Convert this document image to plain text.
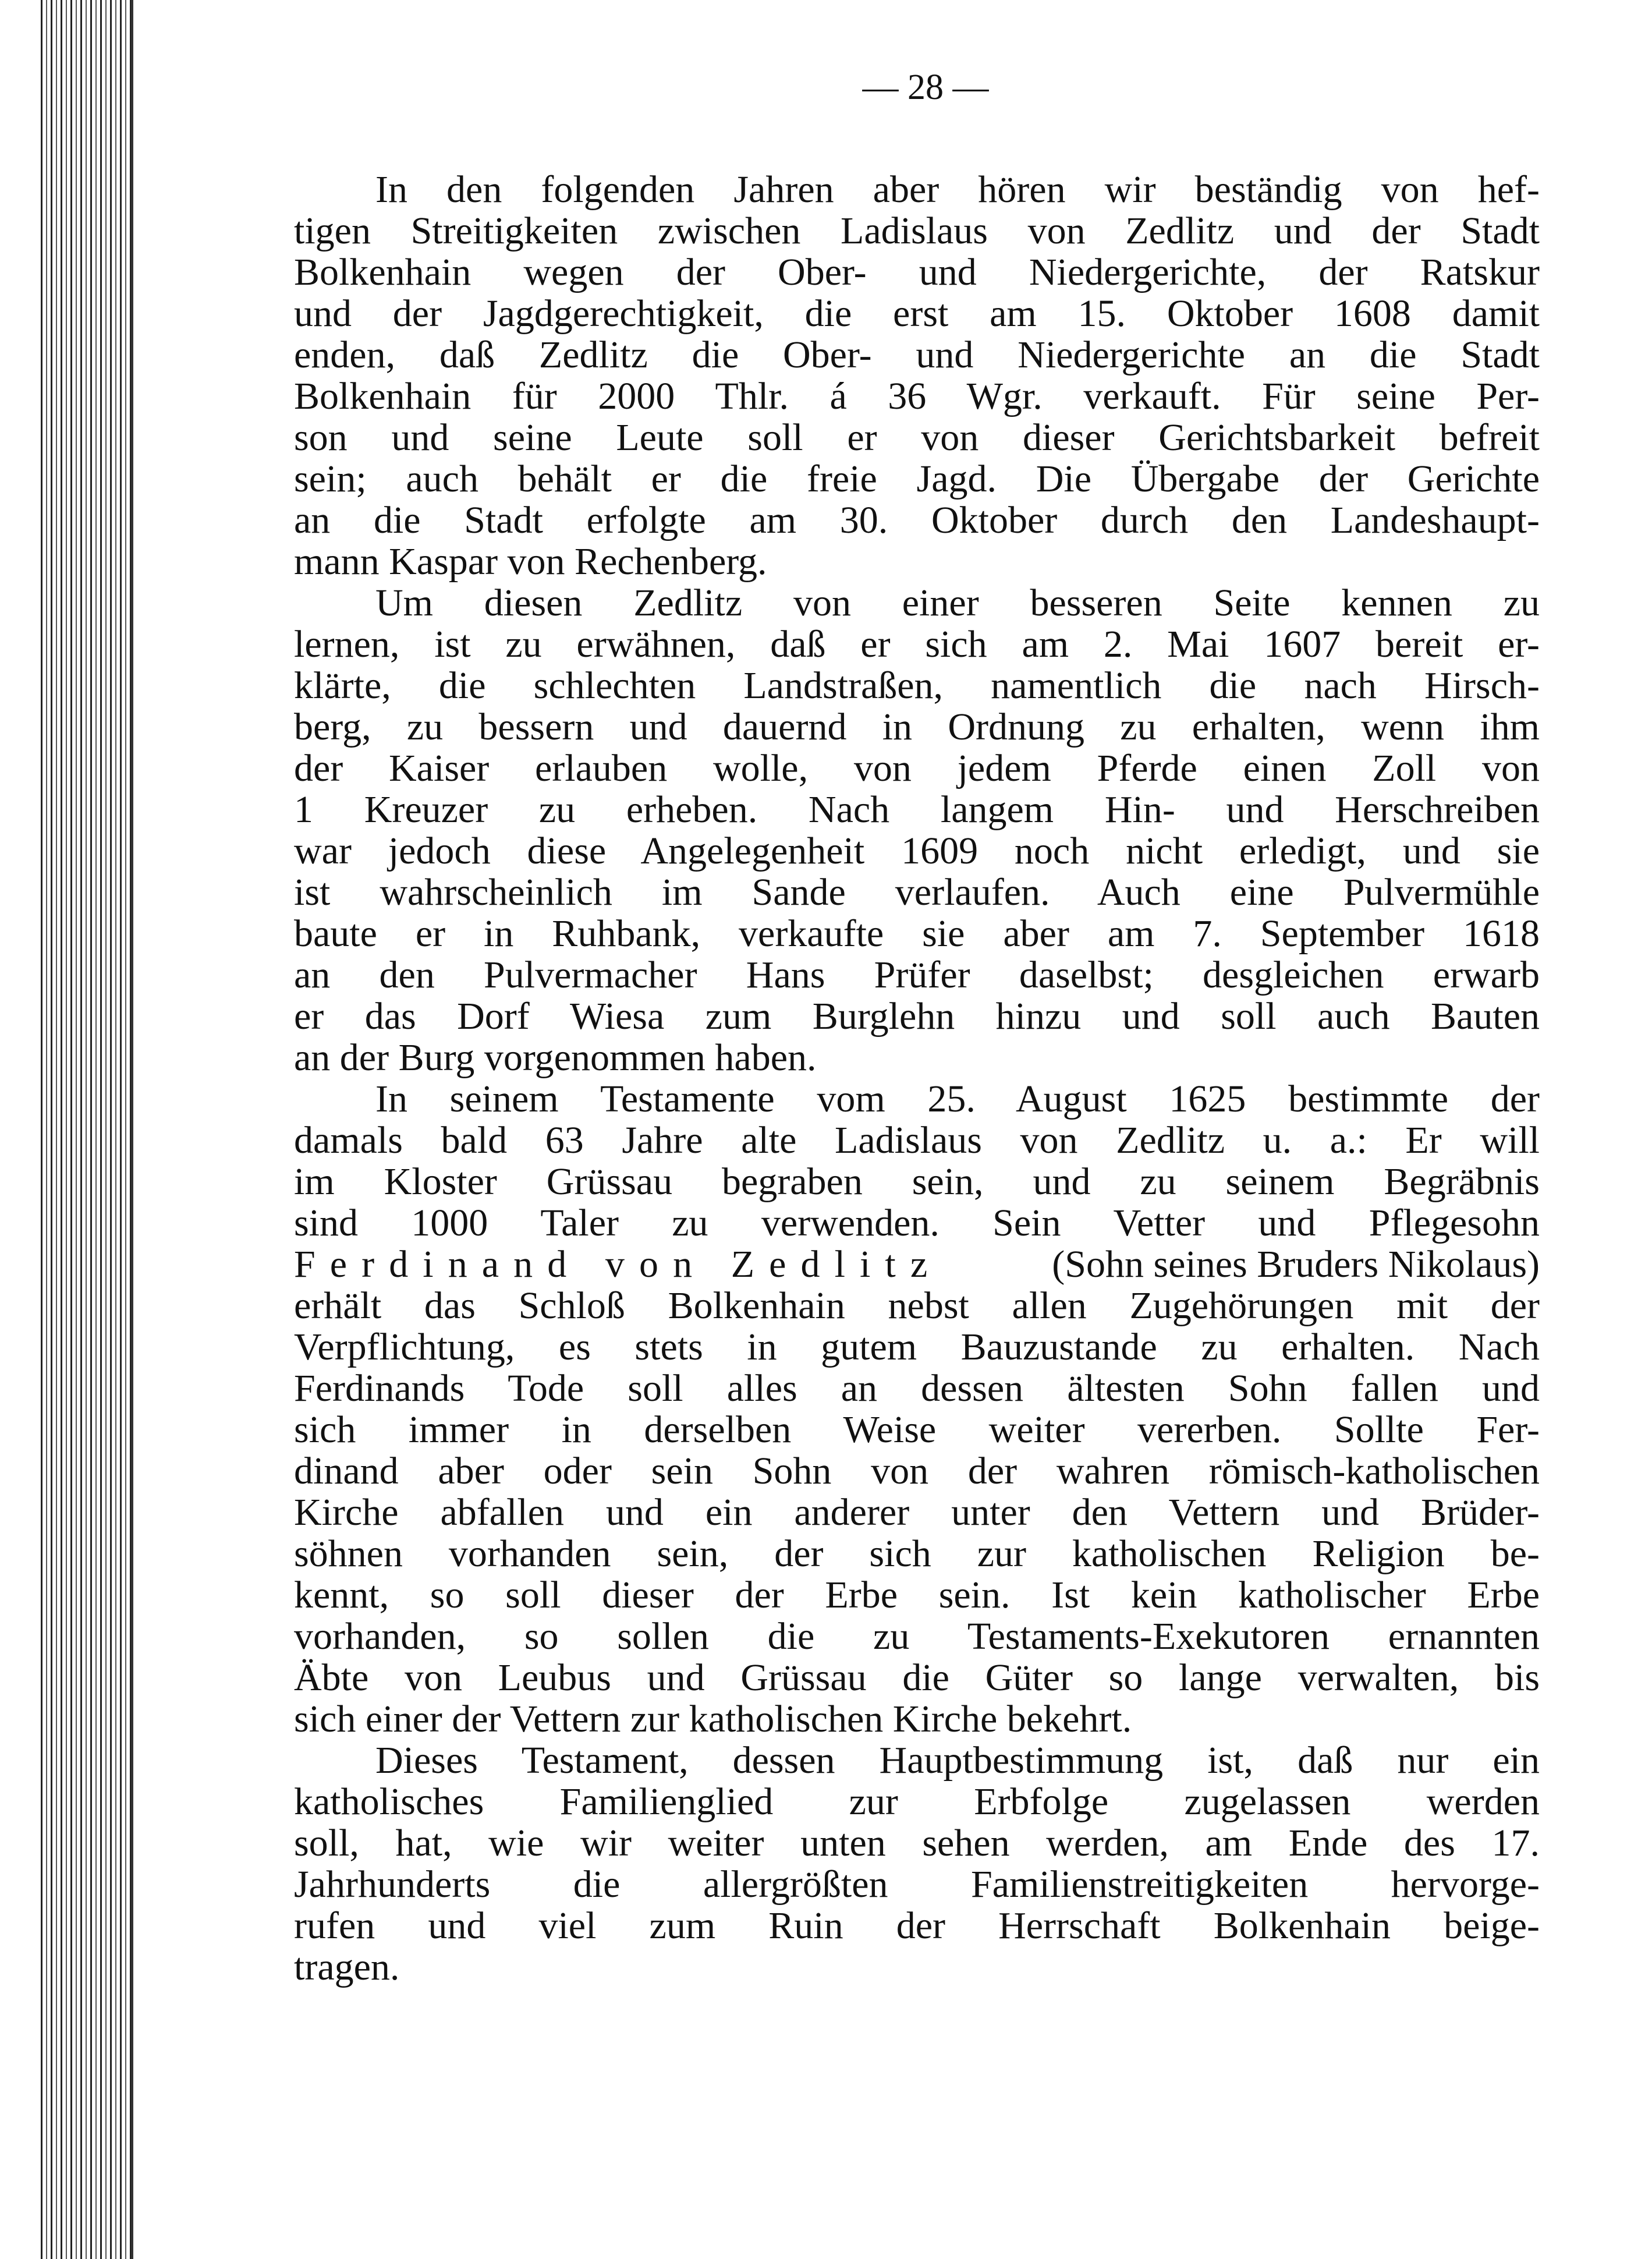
— 28 —
In den folgenden Jahren aber hören wir beständig von hef-
tigen Streitigkeiten zwischen Ladislaus von Zedlitz und der Stadt
Bolkenhain wegen der Ober- und Niedergerichte, der Ratskur
und der Jagdgerechtigkeit, die erst am 15. Oktober 1608 damit
enden, daß Zedlitz die Ober- und Niedergerichte an die Stadt
Bolkenhain für 2000 Thlr. á 36 Wgr. verkauft. Für seine Per-
son und seine Leute soll er von dieser Gerichtsbarkeit befreit
sein; auch behält er die freie Jagd. Die Übergabe der Gerichte
an die Stadt erfolgte am 30. Oktober durch den Landeshaupt-
mann Kaspar von Rechenberg.
Um diesen Zedlitz von einer besseren Seite kennen zu
lernen, ist zu erwähnen, daß er sich am 2. Mai 1607 bereit er-
klärte, die schlechten Landstraßen, namentlich die nach Hirsch-
berg, zu bessern und dauernd in Ordnung zu erhalten, wenn ihm
der Kaiser erlauben wolle, von jedem Pferde einen Zoll von
1 Kreuzer zu erheben. Nach langem Hin- und Herschreiben
war jedoch diese Angelegenheit 1609 noch nicht erledigt, und sie
ist wahrscheinlich im Sande verlaufen. Auch eine Pulvermühle
baute er in Ruhbank, verkaufte sie aber am 7. September 1618
an den Pulvermacher Hans Prüfer daselbst; desgleichen erwarb
er das Dorf Wiesa zum Burglehn hinzu und soll auch Bauten
an der Burg vorgenommen haben.
In seinem Testamente vom 25. August 1625 bestimmte der
damals bald 63 Jahre alte Ladislaus von Zedlitz u. a.: Er will
im Kloster Grüssau begraben sein, und zu seinem Begräbnis
sind 1000 Taler zu verwenden. Sein Vetter und Pflegesohn
Ferdinand von Zedlitz	(Sohn seines Bruders Nikolaus)
erhält das Schloß Bolkenhain nebst allen Zugehörungen mit der
Verpflichtung, es stets in gutem Bauzustande zu erhalten. Nach
Ferdinands Tode soll alles an dessen ältesten Sohn fallen und
sich immer in derselben Weise weiter vererben. Sollte Fer-
dinand aber oder sein Sohn von der wahren römisch-katholischen
Kirche abfallen und ein anderer unter den Vettern und Brüder-
söhnen vorhanden sein, der sich zur katholischen Religion be-
kennt, so soll dieser der Erbe sein. Ist kein katholischer Erbe
vorhanden, so sollen die zu Testaments-Exekutoren ernannten
Äbte von Leubus und Grüssau die Güter so lange verwalten, bis
sich einer der Vettern zur katholischen Kirche bekehrt.
Dieses Testament, dessen Hauptbestimmung ist, daß nur ein
katholisches Familienglied zur Erbfolge zugelassen werden
soll, hat, wie wir weiter unten sehen werden, am Ende des 17.
Jahrhunderts die allergrößten Familienstreitigkeiten hervorge-
rufen und viel zum Ruin der Herrschaft Bolkenhain beige-
tragen.
